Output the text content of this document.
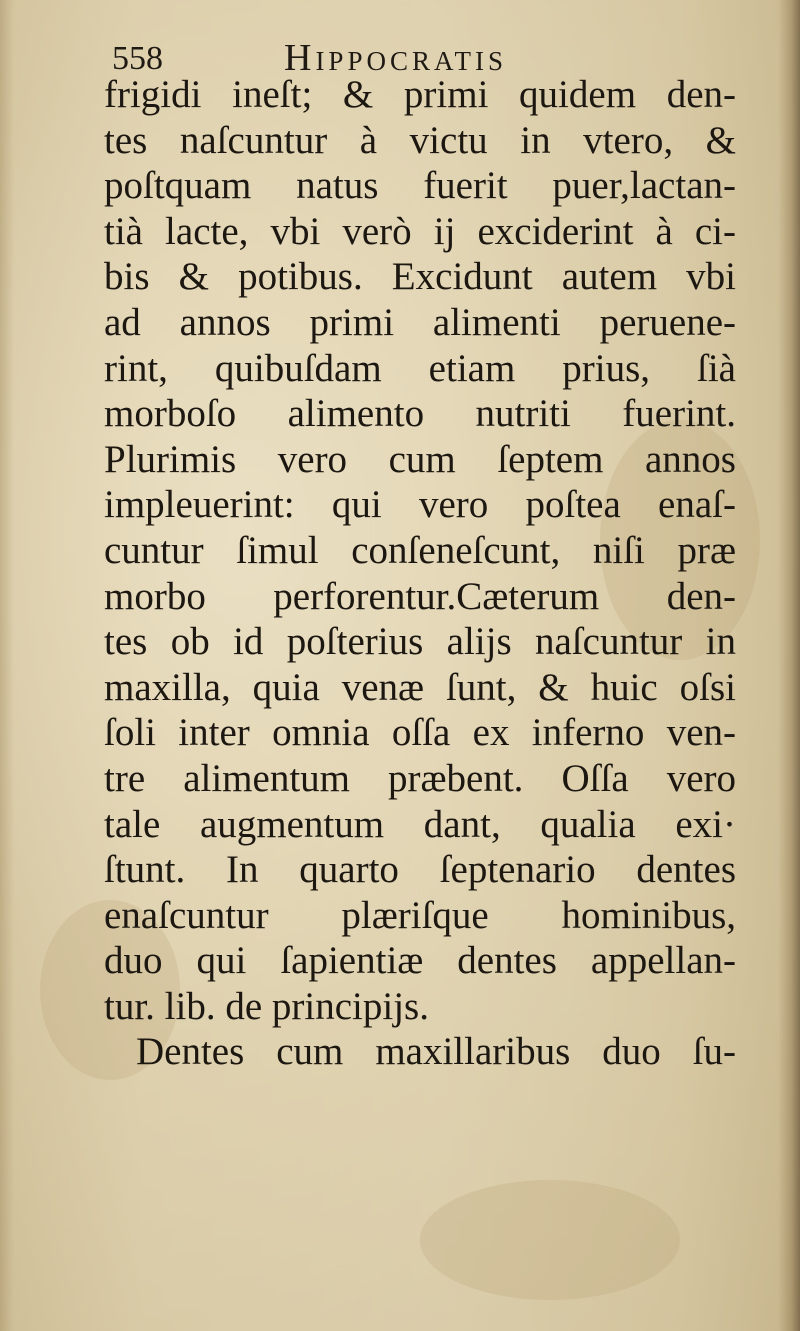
558	Hippocratis
frigidi ineſt; & primi quidem den-
tes naſcuntur à victu in vtero, &
poſtquam natus fuerit puer,lactan-
tià lacte, vbi verò ij exciderint à ci-
bis & potibus. Excidunt autem vbi
ad annos primi alimenti peruene-
rint, quibuſdam etiam prius, ſià
morboſo alimento nutriti fuerint.
Plurimis vero cum ſeptem annos
impleuerint: qui vero poſtea enaſ-
cuntur ſimul conſeneſcunt, niſi præ
morbo perforentur.Cæterum den-
tes ob id poſterius alijs naſcuntur in
maxilla, quia venæ ſunt, & huic oſsi
ſoli inter omnia oſſa ex inferno ven-
tre alimentum præbent. Oſſa vero
tale augmentum dant, qualia exi·
ſtunt. In quarto ſeptenario dentes
enaſcuntur plæriſque hominibus,
duo qui ſapientiæ dentes appellan-
tur. lib. de principijs.
Dentes cum maxillaribus duo ſu-
